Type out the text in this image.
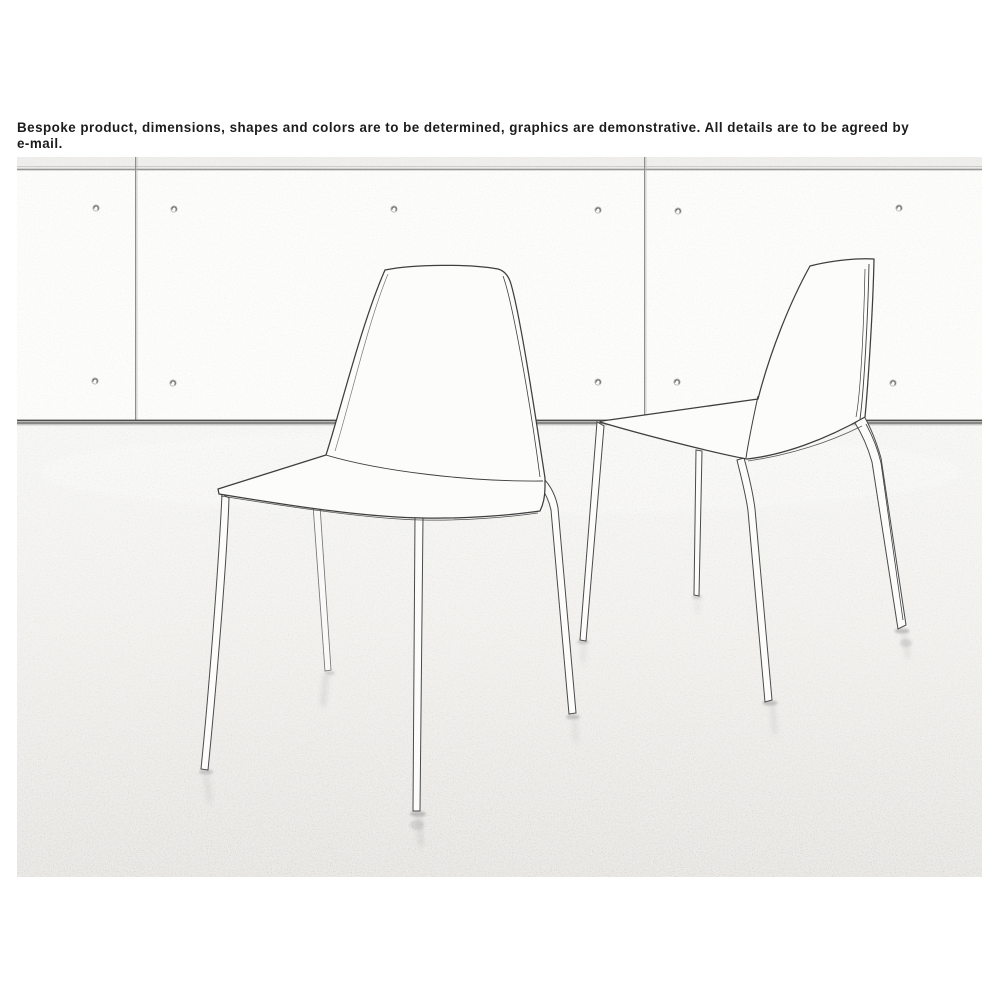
Bespoke product, dimensions, shapes and colors are to be determined, graphics are demonstrative. All details are to be agreed by
e-mail.
